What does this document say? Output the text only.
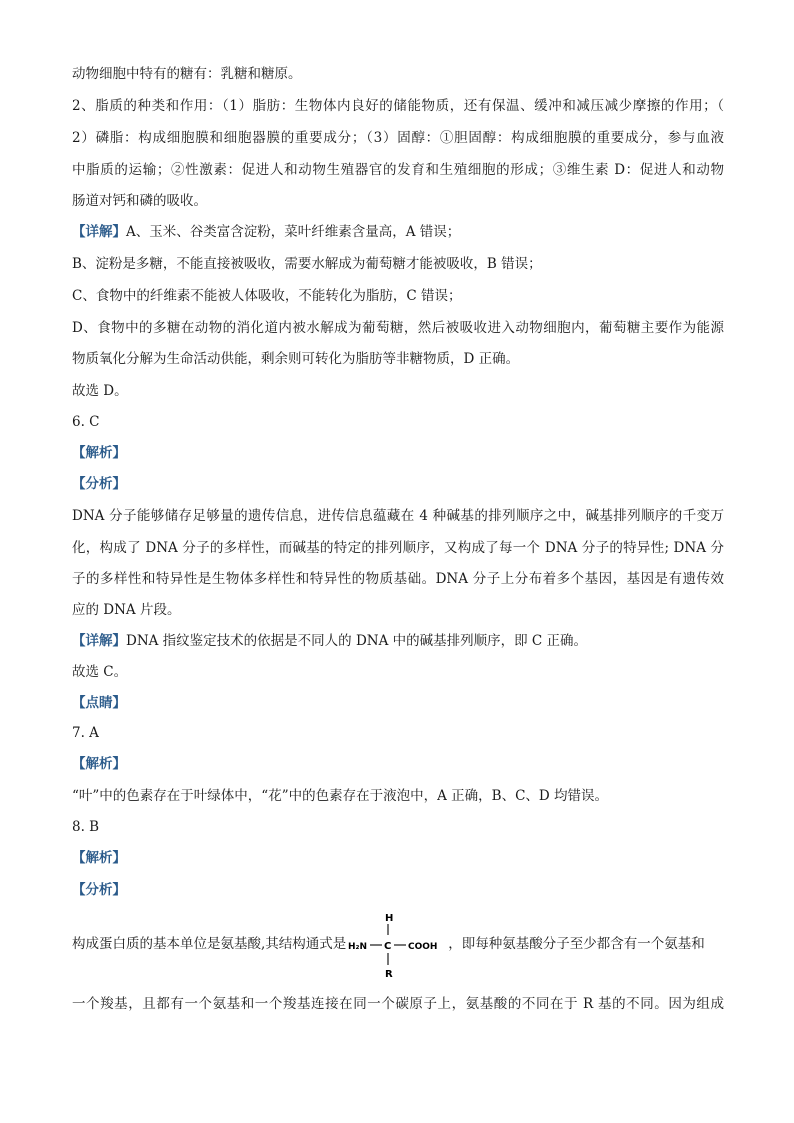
动物细胞中特有的糖有：乳糖和糖原。
2、脂质的种类和作用：（1）脂肪：生物体内良好的储能物质，还有保温、缓冲和减压减少摩擦的作用；（
2）磷脂：构成细胞膜和细胞器膜的重要成分；（3）固醇：①胆固醇：构成细胞膜的重要成分，参与血液
中脂质的运输；②性激素：促进人和动物生殖器官的发育和生殖细胞的形成；③维生素 D：促进人和动物
肠道对钙和磷的吸收。
【详解】A、玉米、谷类富含淀粉，菜叶纤维素含量高，A 错误；
B、淀粉是多糖，不能直接被吸收，需要水解成为葡萄糖才能被吸收，B 错误；
C、食物中的纤维素不能被人体吸收，不能转化为脂肪，C 错误；
D、食物中的多糖在动物的消化道内被水解成为葡萄糖，然后被吸收进入动物细胞内，葡萄糖主要作为能源
物质氧化分解为生命活动供能，剩余则可转化为脂肪等非糖物质，D 正确。
故选 D。
6. C
【解析】
【分析】
DNA 分子能够储存足够量的遗传信息，进传信息蕴藏在 4 种碱基的排列顺序之中，碱基排列顺序的千变万
化，构成了 DNA 分子的多样性，而碱基的特定的排列顺序，又构成了每一个 DNA 分子的特异性; DNA 分
子的多样性和特异性是生物体多样性和特异性的物质基础。DNA 分子上分布着多个基因，基因是有遗传效
应的 DNA 片段。
【详解】DNA 指纹鉴定技术的依据是不同人的 DNA 中的碱基排列顺序，即 C 正确。
故选 C。
【点睛】
7. A
【解析】
“叶”中的色素存在于叶绿体中，“花”中的色素存在于液泡中，A 正确，B、C、D 均错误。
8. B
【解析】
【分析】
构成蛋白质的基本单位是氨基酸,其结构通式是
H
H₂N C COOH
R
，即每种氨基酸分子至少都含有一个氨基和
一个羧基，且都有一个氨基和一个羧基连接在同一个碳原子上，氨基酸的不同在于 R 基的不同。因为组成
